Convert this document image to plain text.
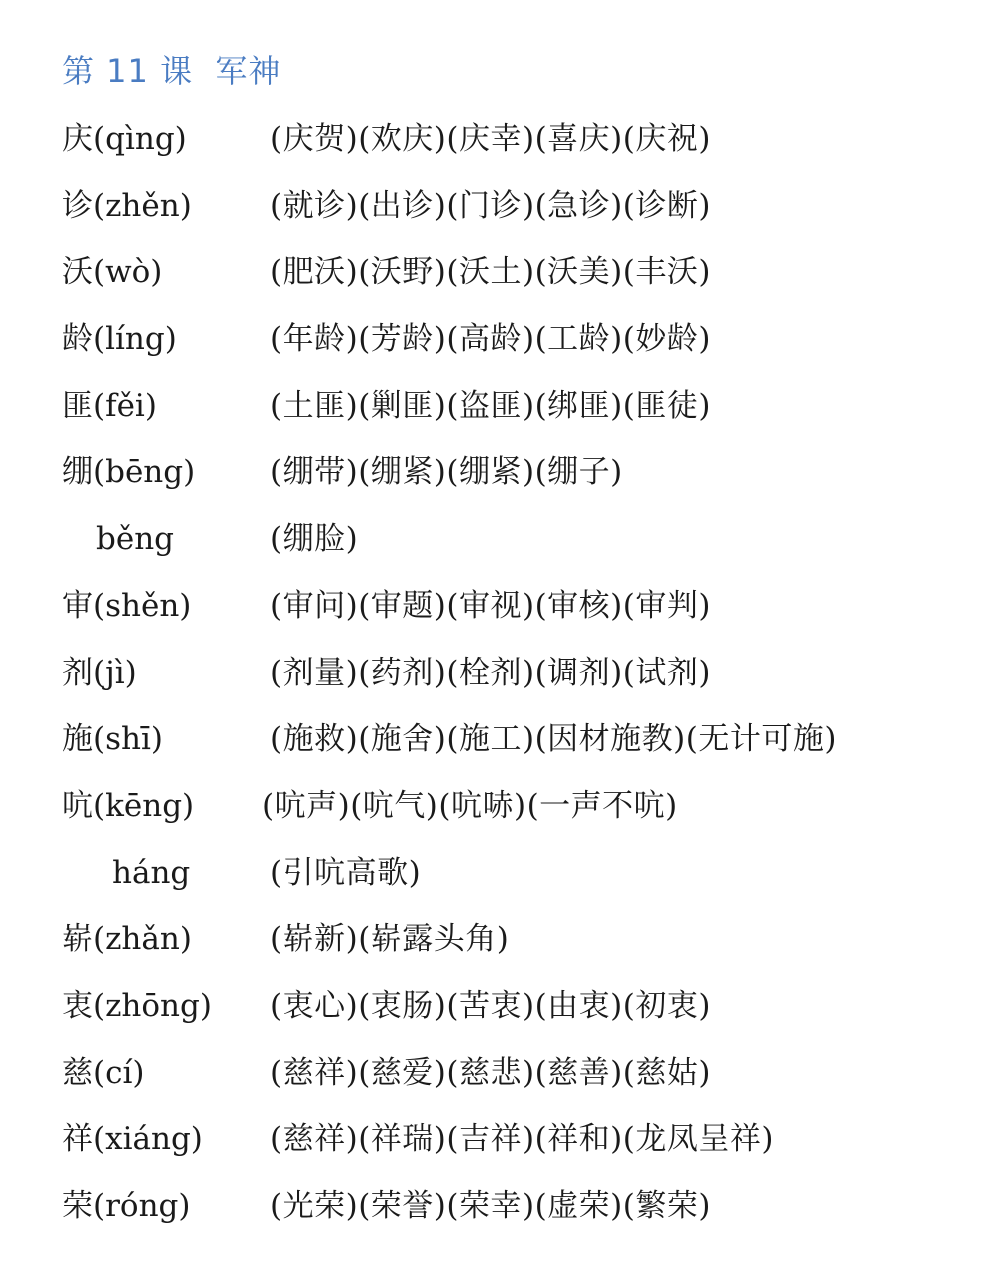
第 11 课  军神
庆(qìng)	(庆贺)(欢庆)(庆幸)(喜庆)(庆祝)
诊(zhěn)	(就诊)(出诊)(门诊)(急诊)(诊断)
沃(wò)	(肥沃)(沃野)(沃土)(沃美)(丰沃)
龄(líng)	(年龄)(芳龄)(高龄)(工龄)(妙龄)
匪(fěi)	(土匪)(剿匪)(盗匪)(绑匪)(匪徒)
绷(bēng) (绷带)(绷紧)(绷紧)(绷子)
běng	(绷脸)
审(shěn)	(审问)(审题)(审视)(审核)(审判)
剂(jì)	(剂量)(药剂)(栓剂)(调剂)(试剂)
施(shī)	(施救)(施舍)(施工)(因材施教)(无计可施)
吭(kēng) (吭声)(吭气)(吭哧)(一声不吭)
háng	(引吭高歌)
崭(zhǎn)	(崭新)(崭露头角)
衷(zhōng) (衷心)(衷肠)(苦衷)(由衷)(初衷)
慈(cí)	(慈祥)(慈爱)(慈悲)(慈善)(慈姑)
祥(xiáng) (慈祥)(祥瑞)(吉祥)(祥和)(龙凤呈祥)
荣(róng)	(光荣)(荣誉)(荣幸)(虚荣)(繁荣)
